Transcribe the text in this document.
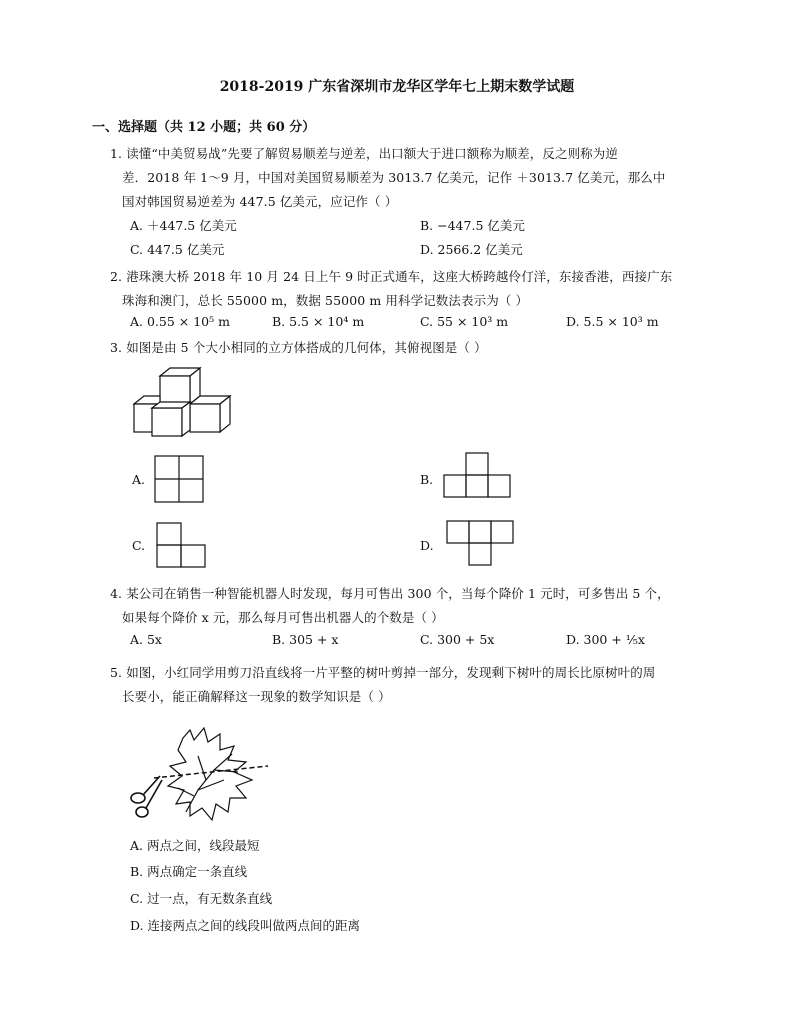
2018-2019 广东省深圳市龙华区学年七上期末数学试题
一、选择题（共 12 小题；共 60 分）
1. 读懂“中美贸易战”先要了解贸易顺差与逆差，出口额大于进口额称为顺差，反之则称为逆
差．2018 年 1～9 月，中国对美国贸易顺差为 3013.7 亿美元，记作 ＋3013.7 亿美元，那么中
国对韩国贸易逆差为 447.5 亿美元，应记作（ ）
A. ＋447.5 亿美元	B. −447.5 亿美元
C. 447.5 亿美元	D. 2566.2 亿美元
2. 港珠澳大桥 2018 年 10 月 24 日上午 9 时正式通车，这座大桥跨越伶仃洋，东接香港，西接广东
珠海和澳门，总长 55000 m，数据 55000 m 用科学记数法表示为（ ）
A. 0.55 × 10⁵ m	B. 5.5 × 10⁴ m	C. 55 × 10³ m	D. 5.5 × 10³ m
3. 如图是由 5 个大小相同的立方体搭成的几何体，其俯视图是（ ）
A.	B.
C.	D.
4. 某公司在销售一种智能机器人时发现，每月可售出 300 个，当每个降价 1 元时，可多售出 5 个，
如果每个降价 x 元，那么每月可售出机器人的个数是（ ）
A. 5x	B. 305 + x	C. 300 + 5x	D. 300 + ⅕x
5. 如图，小红同学用剪刀沿直线将一片平整的树叶剪掉一部分，发现剩下树叶的周长比原树叶的周
长要小，能正确解释这一现象的数学知识是（ ）
A. 两点之间，线段最短
B. 两点确定一条直线
C. 过一点，有无数条直线
D. 连接两点之间的线段叫做两点间的距离
